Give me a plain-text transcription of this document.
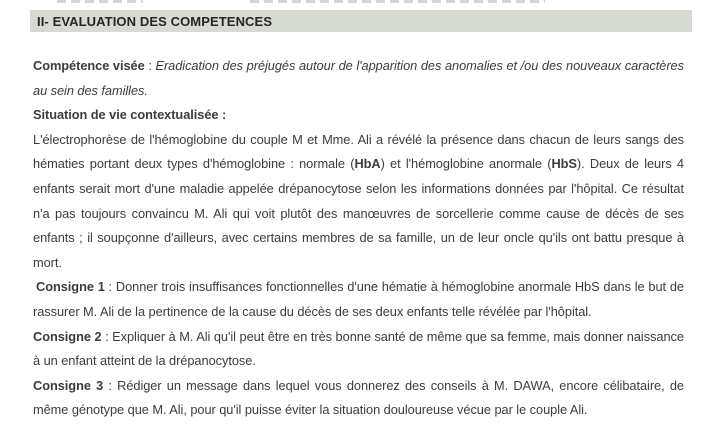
II- EVALUATION DES COMPETENCES

Compétence visée : Eradication des préjugés autour de l'apparition des anomalies et /ou des nouveaux caractères au sein des familles.

Situation de vie contextualisée :

L'électrophorèse de l'hémoglobine du couple M et Mme. Ali a révélé la présence dans chacun de leurs sangs des hématies portant deux types d'hémoglobine : normale (HbA) et l'hémoglobine anormale (HbS). Deux de leurs 4 enfants serait mort d'une maladie appelée drépanocytose selon les informations données par l'hôpital. Ce résultat n'a pas toujours convaincu M. Ali qui voit plutôt des manœuvres de sorcellerie comme cause de décès de ses enfants ; il soupçonne d'ailleurs, avec certains membres de sa famille, un de leur oncle qu'ils ont battu presque à mort.

Consigne 1 : Donner trois insuffisances fonctionnelles d'une hématie à hémoglobine anormale HbS dans le but de rassurer M. Ali de la pertinence de la cause du décès de ses deux enfants telle révélée par l'hôpital.

Consigne 2 : Expliquer à M. Ali qu'il peut être en très bonne santé de même que sa femme, mais donner naissance à un enfant atteint de la drépanocytose.

Consigne 3 : Rédiger un message dans lequel vous donnerez des conseils à M. DAWA, encore célibataire, de même génotype que M. Ali, pour qu'il puisse éviter la situation douloureuse vécue par le couple Ali.
